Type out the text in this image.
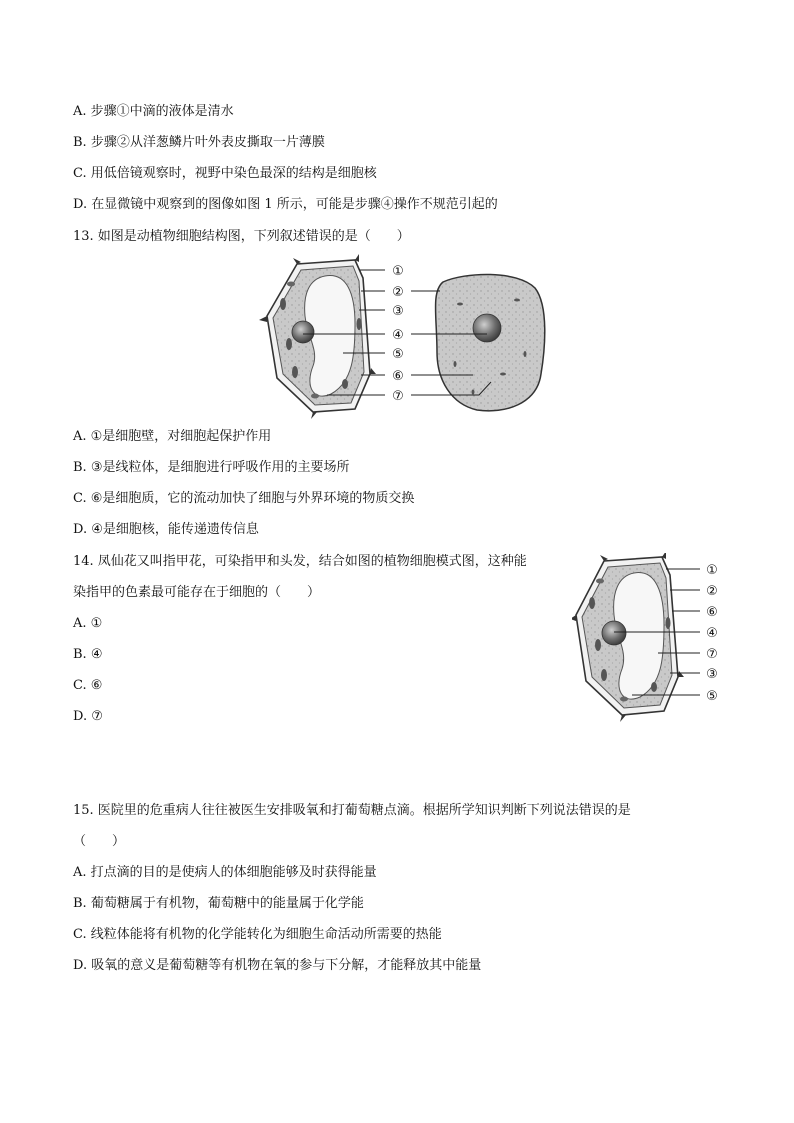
A. 步骤①中滴的液体是清水
B. 步骤②从洋葱鳞片叶外表皮撕取一片薄膜
C. 用低倍镜观察时，视野中染色最深的结构是细胞核
D. 在显微镜中观察到的图像如图 1 所示，可能是步骤④操作不规范引起的
13. 如图是动植物细胞结构图，下列叙述错误的是（　　）
①
②
③
④
⑤
⑥
⑦
A. ①是细胞壁，对细胞起保护作用
B. ③是线粒体，是细胞进行呼吸作用的主要场所
C. ⑥是细胞质，它的流动加快了细胞与外界环境的物质交换
D. ④是细胞核，能传递遗传信息
14. 凤仙花又叫指甲花，可染指甲和头发，结合如图的植物细胞模式图，这种能
染指甲的色素最可能存在于细胞的（　　）
A. ①
B. ④
C. ⑥
D. ⑦
①
②
⑥
④
⑦
③
⑤
15. 医院里的危重病人往往被医生安排吸氧和打葡萄糖点滴。根据所学知识判断下列说法错误的是
（　　）
A. 打点滴的目的是使病人的体细胞能够及时获得能量
B. 葡萄糖属于有机物，葡萄糖中的能量属于化学能
C. 线粒体能将有机物的化学能转化为细胞生命活动所需要的热能
D. 吸氧的意义是葡萄糖等有机物在氧的参与下分解，才能释放其中能量
